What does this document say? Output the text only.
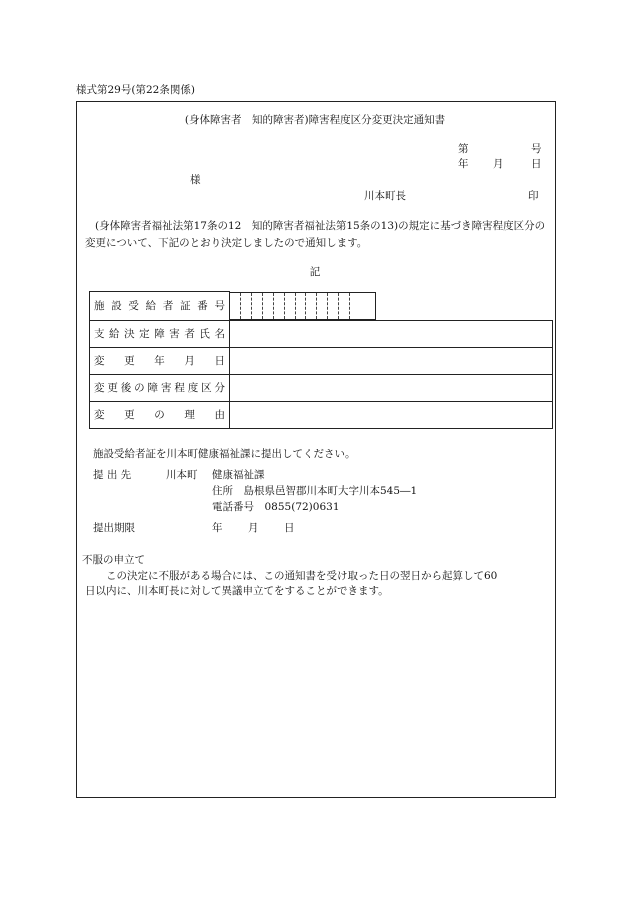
様式第29号(第22条関係)
(身体障害者　知的障害者)障害程度区分変更決定通知書
第	号
年 月	日
様
川本町長	印
(身体障害者福祉法第17条の12　知的障害者福祉法第15条の13)の規定に基づき障害程度区分の変更について、下記のとおり決定しましたので通知します。
記
施設受給者証番号	

支給決定障害者氏名	
変更年月日	
変更後の障害程度区分	
変更の理由	
施設受給者証を川本町健康福祉課に提出してください。
提 出 先	川本町 健康福祉課
住所　島根県邑智郡川本町大字川本545―1
電話番号　0855(72)0631
提出期限	年 月 日
不服の申立て
この決定に不服がある場合には、この通知書を受け取った日の翌日から起算して60
日以内に、川本町長に対して異議申立てをすることができます。
